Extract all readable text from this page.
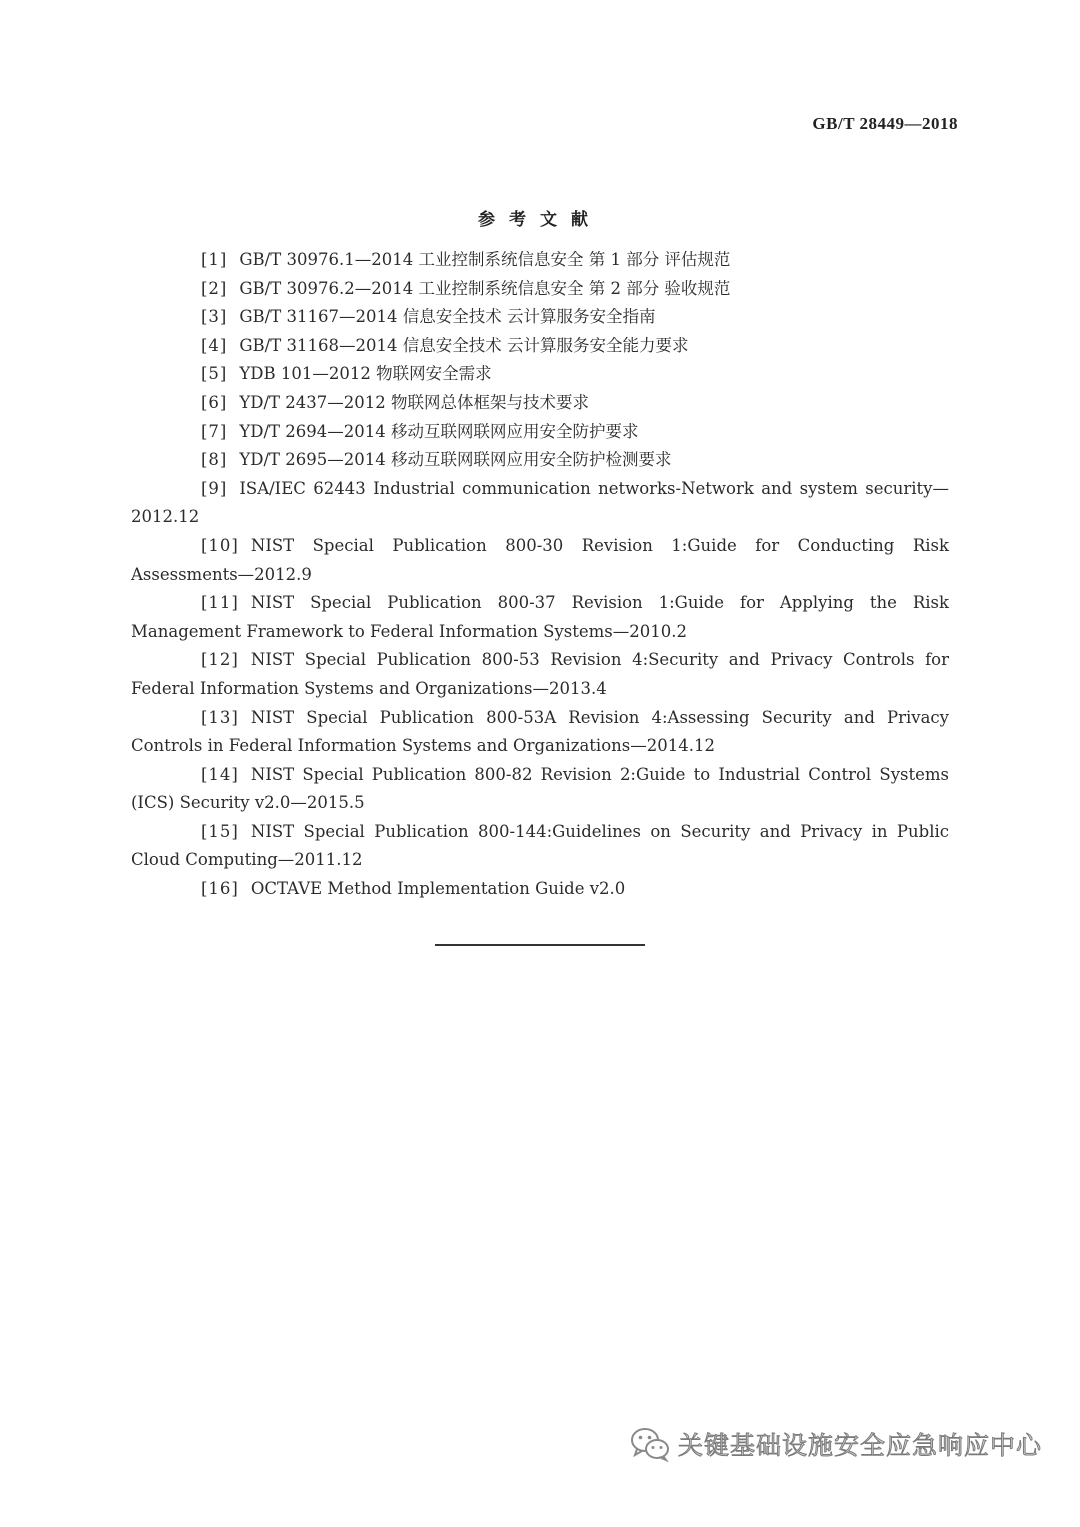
GB/T 28449—2018
参考文献
[1] GB/T 30976.1—2014 工业控制系统信息安全 第 1 部分 评估规范
[2] GB/T 30976.2—2014 工业控制系统信息安全 第 2 部分 验收规范
[3] GB/T 31167—2014 信息安全技术 云计算服务安全指南
[4] GB/T 31168—2014 信息安全技术 云计算服务安全能力要求
[5] YDB 101—2012 物联网安全需求
[6] YD/T 2437—2012 物联网总体框架与技术要求
[7] YD/T 2694—2014 移动互联网联网应用安全防护要求
[8] YD/T 2695—2014 移动互联网联网应用安全防护检测要求
[9] ISA/IEC 62443 Industrial communication networks-Network and system security—2012.12
[10] NIST Special Publication 800-30 Revision 1:Guide for Conducting Risk Assessments—2012.9
[11] NIST Special Publication 800-37 Revision 1:Guide for Applying the Risk Management Framework to Federal Information Systems—2010.2
[12] NIST Special Publication 800-53 Revision 4:Security and Privacy Controls for Federal Information Systems and Organizations—2013.4
[13] NIST Special Publication 800-53A Revision 4:Assessing Security and Privacy Controls in Federal Information Systems and Organizations—2014.12
[14] NIST Special Publication 800-82 Revision 2:Guide to Industrial Control Systems (ICS) Security v2.0—2015.5
[15] NIST Special Publication 800-144:Guidelines on Security and Privacy in Public Cloud Computing—2011.12
[16] OCTAVE Method Implementation Guide v2.0
关键基础设施安全应急响应中心
